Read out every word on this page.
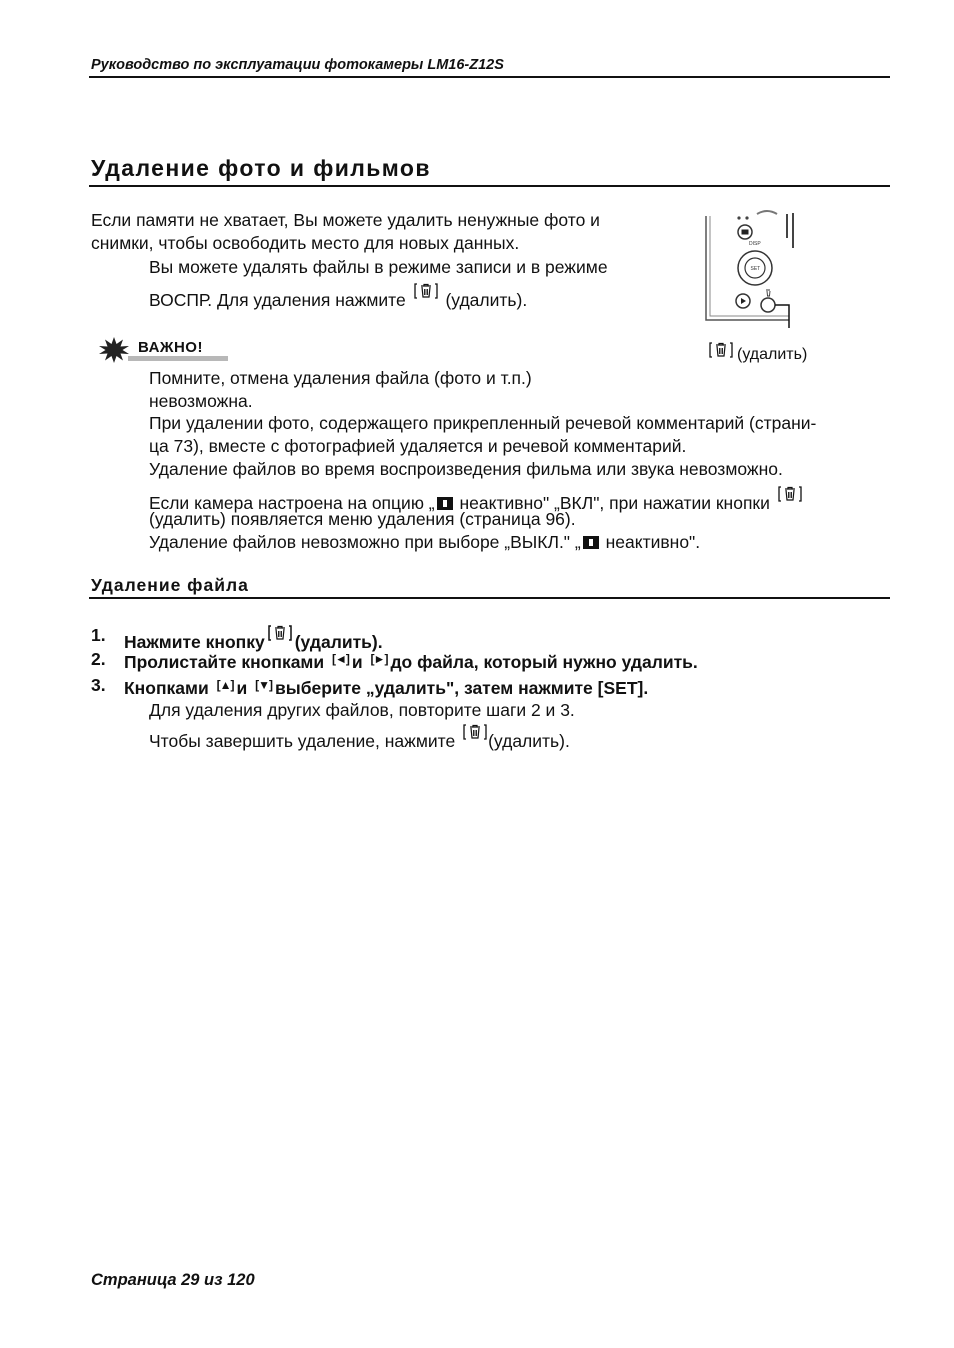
Руководство по эксплуатации фотокамеры LM16-Z12S
Удаление фото и фильмов
Если памяти не хватает, Вы можете удалить ненужные фото и
снимки, чтобы освободить место для новых данных.
Вы можете удалять файлы в режиме записи и в режиме
ВОСПР. Для удаления нажмите (удалить).
DISP
SET
(удалить)
ВАЖНО!
Помните, отмена удаления файла (фото и т.п.)
невозможна.
При удалении фото, содержащего прикрепленный речевой комментарий (страни-
ца 73), вместе с фотографией удаляется и речевой комментарий.
Удаление файлов во время воспроизведения фильма или звука невозможно.
Если камера настроена на опцию „ неактивно" „ВКЛ", при нажатии кнопки
(удалить) появляется меню удаления (страница 96).
Удаление файлов невозможно при выборе „ВЫКЛ." „ неактивно".
Удаление файла
1. Нажмите кнопку (удалить).
2. Пролистайте кнопками [◄] и [►] до файла, который нужно удалить.
3. Кнопками [▲] и [▼] выберите „удалить", затем нажмите [SET].
Для удаления других файлов, повторите шаги 2 и 3.
Чтобы завершить удаление, нажмите (удалить).
Страница 29 из 120
